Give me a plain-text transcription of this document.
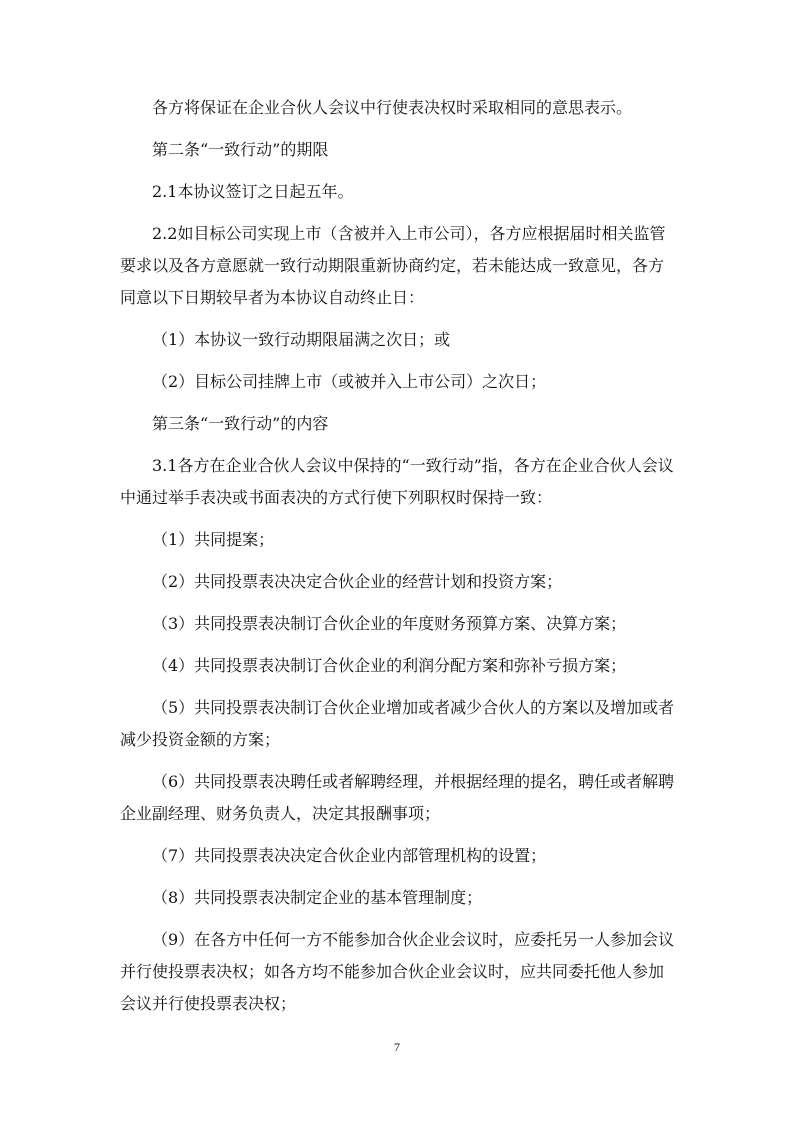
各方将保证在企业合伙人会议中行使表决权时采取相同的意思表示。

第二条“一致行动”的期限

2.1本协议签订之日起五年。

2.2如目标公司实现上市（含被并入上市公司），各方应根据届时相关监管要求以及各方意愿就一致行动期限重新协商约定，若未能达成一致意见，各方同意以下日期较早者为本协议自动终止日：

（1）本协议一致行动期限届满之次日；或

（2）目标公司挂牌上市（或被并入上市公司）之次日；

第三条“一致行动”的内容

3.1各方在企业合伙人会议中保持的“一致行动”指，各方在企业合伙人会议中通过举手表决或书面表决的方式行使下列职权时保持一致：

（1）共同提案；

（2）共同投票表决决定合伙企业的经营计划和投资方案；

（3）共同投票表决制订合伙企业的年度财务预算方案、决算方案；

（4）共同投票表决制订合伙企业的利润分配方案和弥补亏损方案；

（5）共同投票表决制订合伙企业增加或者减少合伙人的方案以及增加或者减少投资金额的方案；

（6）共同投票表决聘任或者解聘经理，并根据经理的提名，聘任或者解聘企业副经理、财务负责人，决定其报酬事项；

（7）共同投票表决决定合伙企业内部管理机构的设置；

（8）共同投票表决制定企业的基本管理制度；

（9）在各方中任何一方不能参加合伙企业会议时，应委托另一人参加会议并行使投票表决权；如各方均不能参加合伙企业会议时，应共同委托他人参加会议并行使投票表决权；

7
